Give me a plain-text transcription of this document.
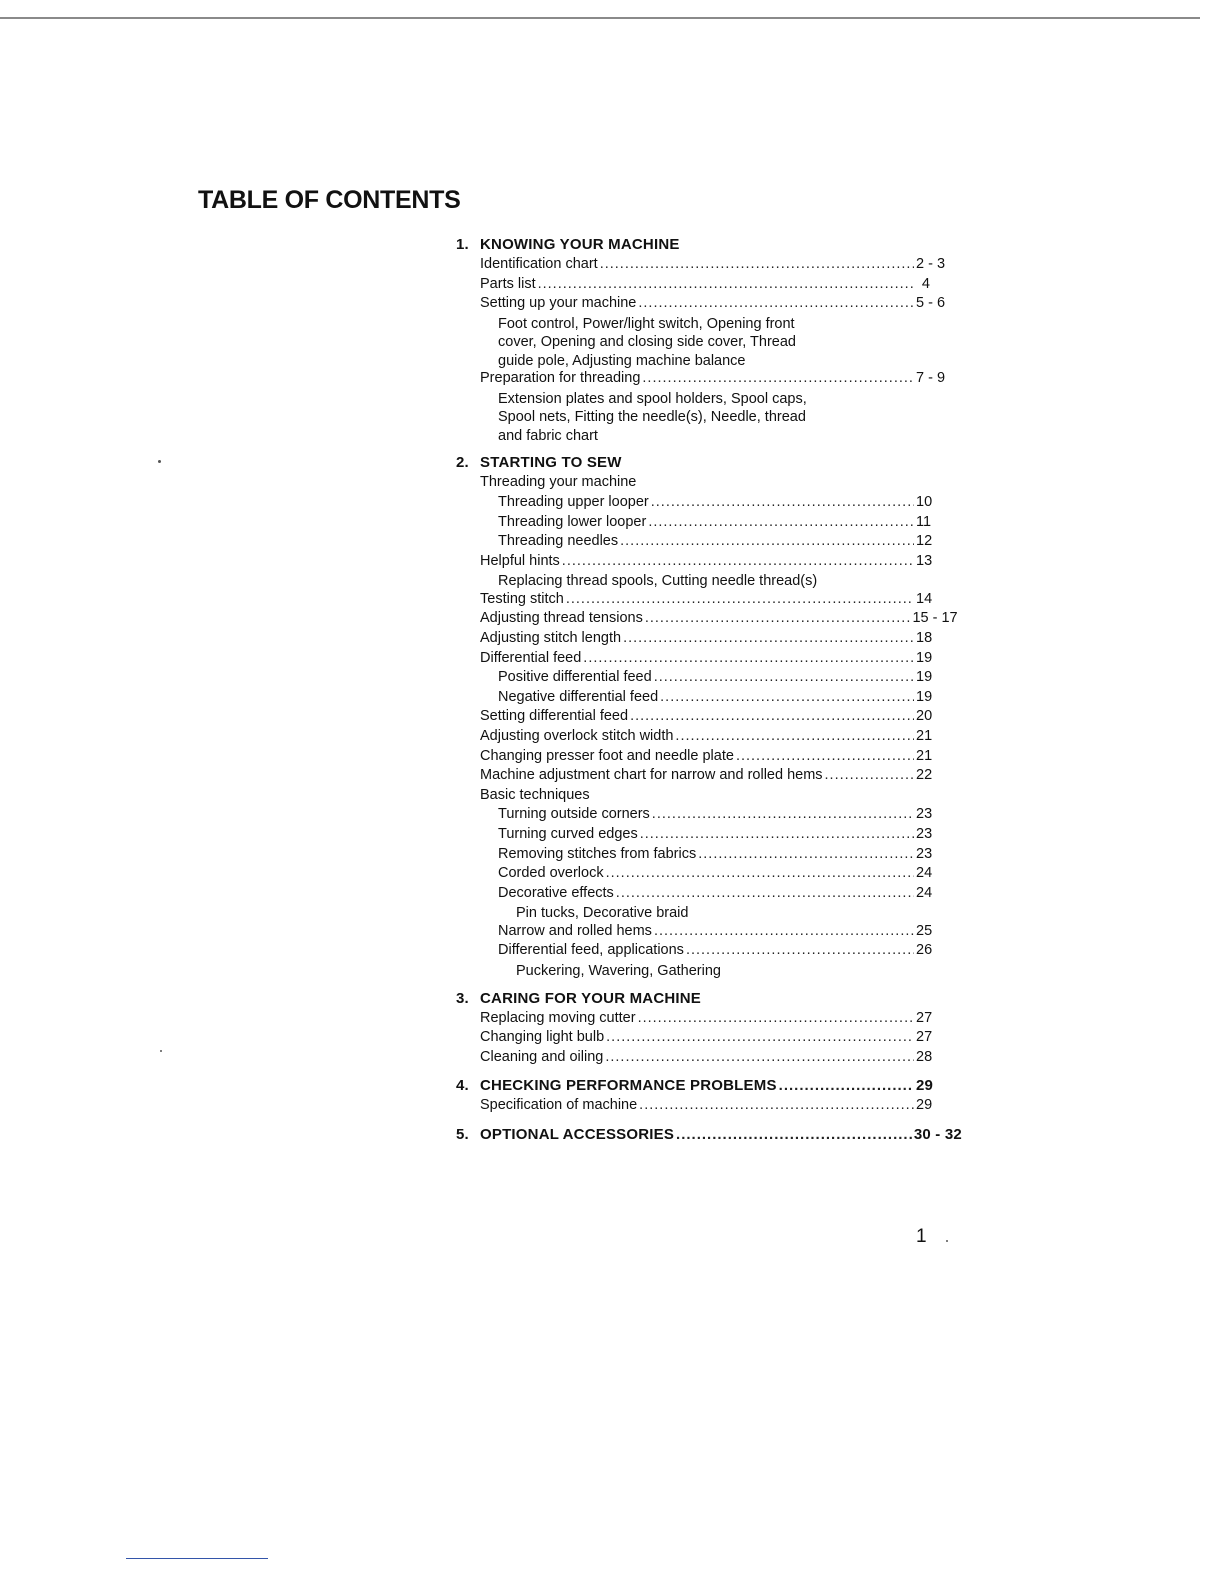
TABLE OF CONTENTS
1. KNOWING YOUR MACHINE
Identification chart .....	2 - 3
Parts list .....	4
Setting up your machine .....	5 - 6
Foot control, Power/light switch, Opening front
cover, Opening and closing side cover, Thread
guide pole, Adjusting machine balance
Preparation for threading .....	7 - 9
Extension plates and spool holders, Spool caps,
Spool nets, Fitting the needle(s), Needle, thread
and fabric chart
2. STARTING TO SEW
Threading your machine
Threading upper looper .....	10
Threading lower looper .....	11
Threading needles .....	12
Helpful hints .....	13
Replacing thread spools, Cutting needle thread(s)
Testing stitch .....	14
Adjusting thread tensions .....	15 - 17
Adjusting stitch length .....	18
Differential feed .....	19
Positive differential feed .....	19
Negative differential feed .....	19
Setting differential feed .....	20
Adjusting overlock stitch width .....	21
Changing presser foot and needle plate .....	21
Machine adjustment chart for narrow and rolled hems .....	22
Basic techniques
Turning outside corners .....	23
Turning curved edges .....	23
Removing stitches from fabrics .....	23
Corded overlock .....	24
Decorative effects .....	24
Pin tucks, Decorative braid
Narrow and rolled hems .....	25
Differential feed, applications .....	26
Puckering, Wavering, Gathering
3. CARING FOR YOUR MACHINE
Replacing moving cutter .....	27
Changing light bulb .....	27
Cleaning and oiling .....	28
4. CHECKING PERFORMANCE PROBLEMS .....	29
Specification of machine .....	29
5. OPTIONAL ACCESSORIES .....	30 - 32
1
